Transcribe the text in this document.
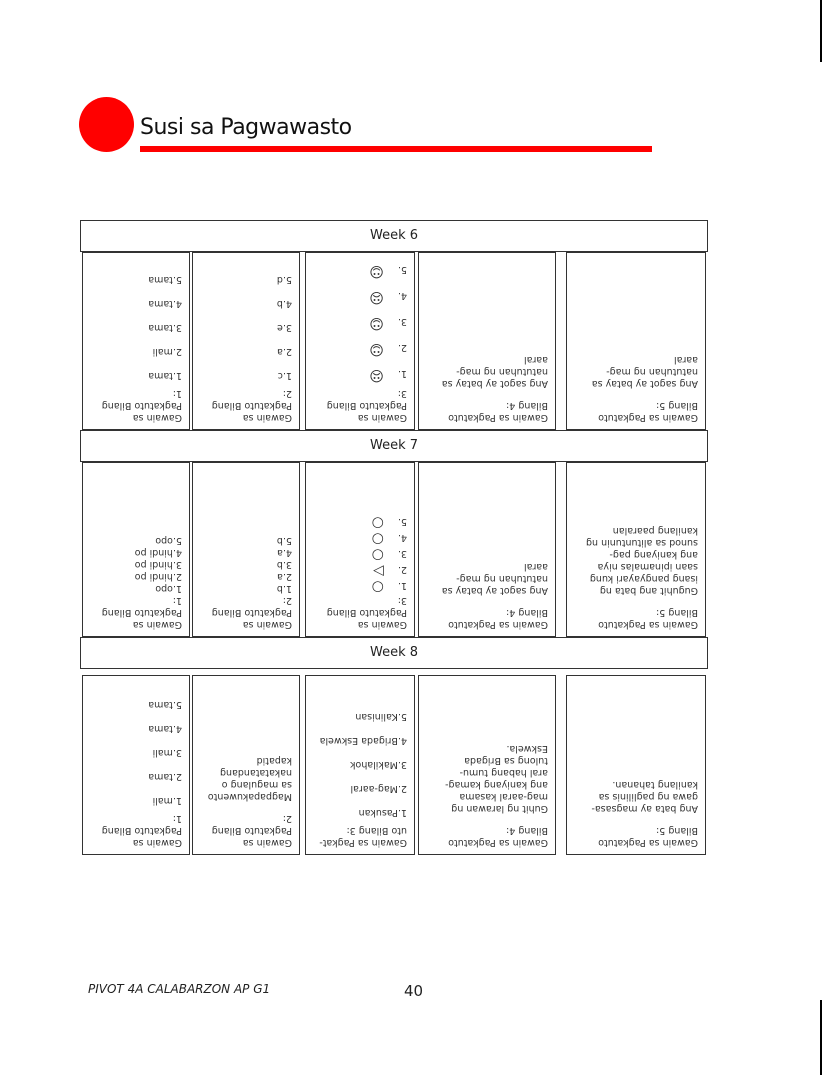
Susi sa Pagwawasto
Week 6
Gawain sa
Pagkatuto Bilang
1:
1.tama
2.mali
3.tama
4.tama
5.tama
Gawain sa
Pagkatuto Bilang
2:
1.c
2.a
3.e
4.b
5.d
Gawain sa
Pagkatuto Bilang
3:
1.☹
2.☺
3.☺
4.☹
5.☺
Gawain sa Pagkatuto
Bilang 4:
Ang sagot ay batay sa
natutuhan ng mag-
aaral
Gawain sa Pagkatuto
Bilang 5:
Ang sagot ay batay sa
natutuhan ng mag-
aaral
Week 7
Gawain sa
Pagkatuto Bilang
1:
1.opo
2.hindi po
3.hindi po
4.hindi po
5.opo
Gawain sa
Pagkatuto Bilang
2:
1.b
2.a
3.b
4.a
5.b
Gawain sa
Pagkatuto Bilang
3:
1.○
2.▷
3.○
4.○
5.○
Gawain sa Pagkatuto
Bilang 4:
Ang sagot ay batay sa
natutuhan ng mag-
aaral
Gawain sa Pagkatuto
Bilang 5:
Guguhit ang bata ng
isang pangyayari kung
saan ipinamalas niya
ang kaniyang pag-
sunod sa alituntunin ng
kanilang paaralan
Week 8
Gawain sa
Pagkatuto Bilang
1:
1.mali
2.tama
3.mali
4.tama
5.tama
Gawain sa
Pagkatuto Bilang
2:
Magpapakuwento
sa magulang o
nakatatandang
kapatid
Gawain sa Pagkat-
uto Bilang 3:
1.Pasukan
2.Mag-aaral
3.Makilahok
4.Brigada Eskwela
5.Kalinisan
Gawain sa Pagkatuto
Bilang 4:
Guhit ng larawan ng
mag-aaral kasama
ang kaniyang kamag-
aral habang tumu-
tulong sa Brigada
Eskwela.
Gawain sa Pagkatuto
Bilang 5:
Ang bata ay magsasa-
gawa ng paglilinis sa
kanilang tahanan.
PIVOT 4A CALABARZON AP G1	40
